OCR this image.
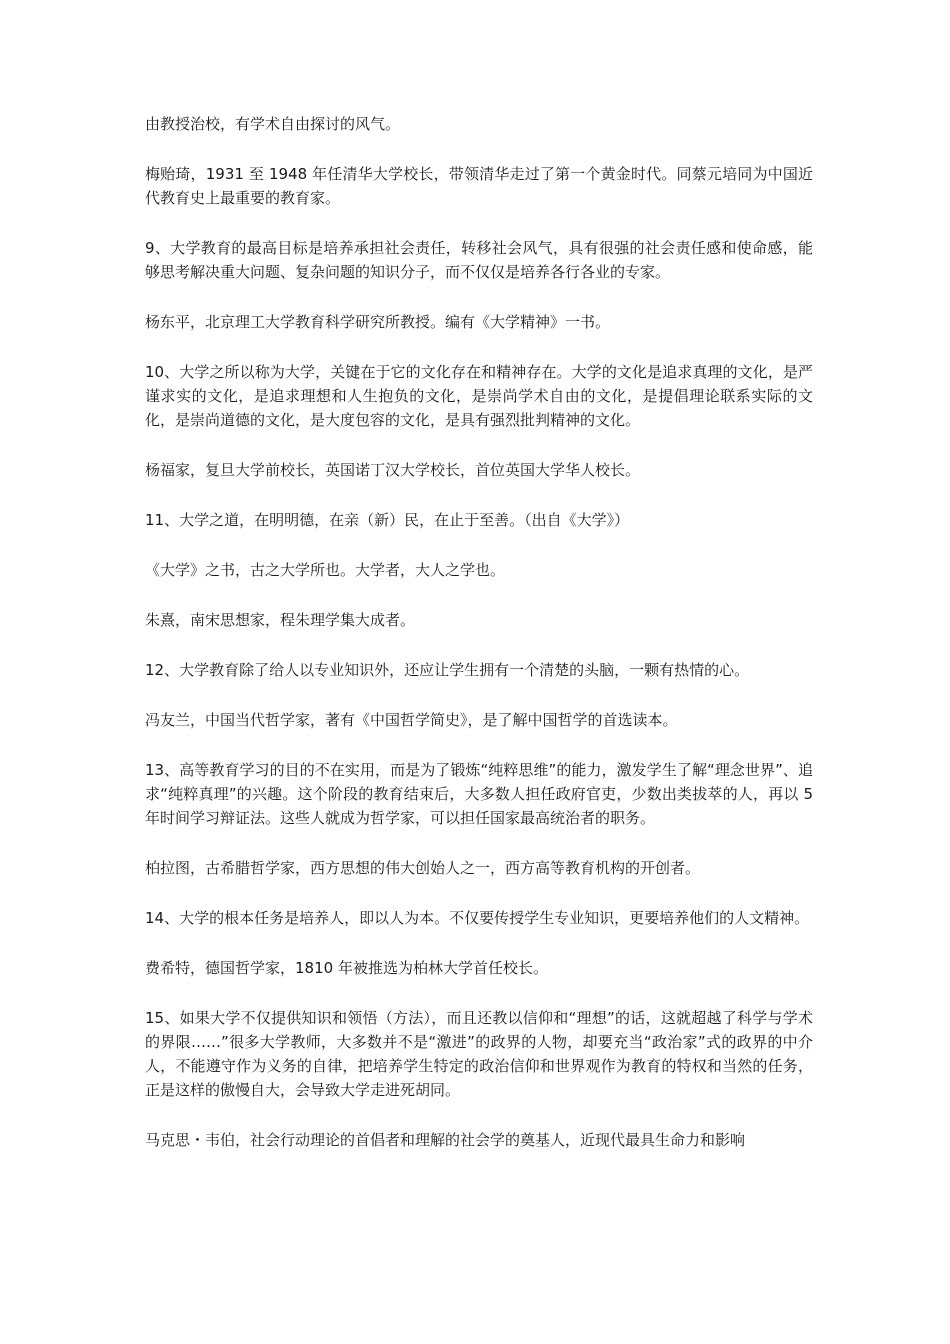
由教授治校，有学术自由探讨的风气。

梅贻琦，1931 至 1948 年任清华大学校长，带领清华走过了第一个黄金时代。同蔡元培同为中国近代教育史上最重要的教育家。

9、大学教育的最高目标是培养承担社会责任，转移社会风气，具有很强的社会责任感和使命感，能够思考解决重大问题、复杂问题的知识分子，而不仅仅是培养各行各业的专家。

杨东平，北京理工大学教育科学研究所教授。编有《大学精神》一书。

10、大学之所以称为大学，关键在于它的文化存在和精神存在。大学的文化是追求真理的文化，是严谨求实的文化，是追求理想和人生抱负的文化，是崇尚学术自由的文化，是提倡理论联系实际的文化，是崇尚道德的文化，是大度包容的文化，是具有强烈批判精神的文化。

杨福家，复旦大学前校长，英国诺丁汉大学校长，首位英国大学华人校长。

11、大学之道，在明明德，在亲（新）民，在止于至善。（出自《大学》）

《大学》之书，古之大学所也。大学者，大人之学也。

朱熹，南宋思想家，程朱理学集大成者。

12、大学教育除了给人以专业知识外，还应让学生拥有一个清楚的头脑，一颗有热情的心。

冯友兰，中国当代哲学家，著有《中国哲学简史》，是了解中国哲学的首选读本。

13、高等教育学习的目的不在实用，而是为了锻炼“纯粹思维”的能力，激发学生了解“理念世界”、追求“纯粹真理”的兴趣。这个阶段的教育结束后，大多数人担任政府官吏，少数出类拔萃的人，再以 5 年时间学习辩证法。这些人就成为哲学家，可以担任国家最高统治者的职务。

柏拉图，古希腊哲学家，西方思想的伟大创始人之一，西方高等教育机构的开创者。

14、大学的根本任务是培养人，即以人为本。不仅要传授学生专业知识，更要培养他们的人文精神。

费希特，德国哲学家，1810 年被推选为柏林大学首任校长。

15、如果大学不仅提供知识和领悟（方法），而且还教以信仰和“理想”的话，这就超越了科学与学术的界限……”很多大学教师，大多数并不是“激进”的政界的人物，却要充当“政治家”式的政界的中介人，不能遵守作为义务的自律，把培养学生特定的政治信仰和世界观作为教育的特权和当然的任务，正是这样的傲慢自大，会导致大学走进死胡同。

马克思・韦伯，社会行动理论的首倡者和理解的社会学的奠基人，近现代最具生命力和影响
